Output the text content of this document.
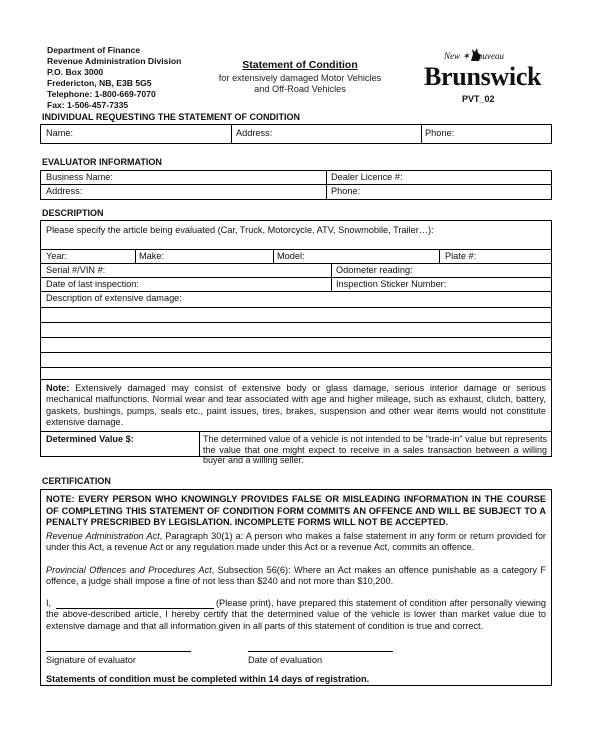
Department of Finance
Revenue Administration Division
P.O. Box 3000
Fredericton, NB, E3B 5G5
Telephone: 1-800-669-7070
Fax: 1-506-457-7335
Statement of Condition
for extensively damaged Motor Vehicles
and Off-Road Vehicles
New ✶ Nouveau
Brunswick
PVT_02
INDIVIDUAL REQUESTING THE STATEMENT OF CONDITION
Name:	Address:	Phone:
EVALUATOR INFORMATION
Business Name:	Dealer Licence #:
Address:	Phone:
DESCRIPTION
Please specify the article being evaluated (Car, Truck, Motorcycle, ATV, Snowmobile, Trailer…):
Year:	Make:	Model:	Plate #:
Serial #/VIN #:	Odometer reading:
Date of last inspection:	Inspection Sticker Number:
Description of extensive damage:
Note: Extensively damaged may consist of extensive body or glass damage, serious interior damage or serious mechanical malfunctions. Normal wear and tear associated with age and higher mileage, such as exhaust, clutch, battery, gaskets, bushings, pumps, seals etc., paint issues, tires, brakes, suspension and other wear items would not constitute extensive damage.
Determined Value $:	The determined value of a vehicle is not intended to be "trade-in" value but represents the value that one might expect to receive in a sales transaction between a willing buyer and a willing seller.
CERTIFICATION
NOTE: EVERY PERSON WHO KNOWINGLY PROVIDES FALSE OR MISLEADING INFORMATION IN THE COURSE OF COMPLETING THIS STATEMENT OF CONDITION FORM COMMITS AN OFFENCE AND WILL BE SUBJECT TO A PENALTY PRESCRIBED BY LEGISLATION. INCOMPLETE FORMS WILL NOT BE ACCEPTED.
Revenue Administration Act, Paragraph 30(1) a: A person who makes a false statement in any form or return provided for under this Act, a revenue Act or any regulation made under this Act or a revenue Act, commits an offence.
Provincial Offences and Procedures Act, Subsection 56(6): Where an Act makes an offence punishable as a category F offence, a judge shall impose a fine of not less than $240 and not more than $10,200.
(Please print), have prepared this statement of condition after personally viewing the above-described article, I hereby certify that the determined value of the vehicle is lower than market value due to extensive damage and that all information given in all parts of this statement of condition is true and correct.
I,
Signature of evaluator	Date of evaluation
Statements of condition must be completed within 14 days of registration.
